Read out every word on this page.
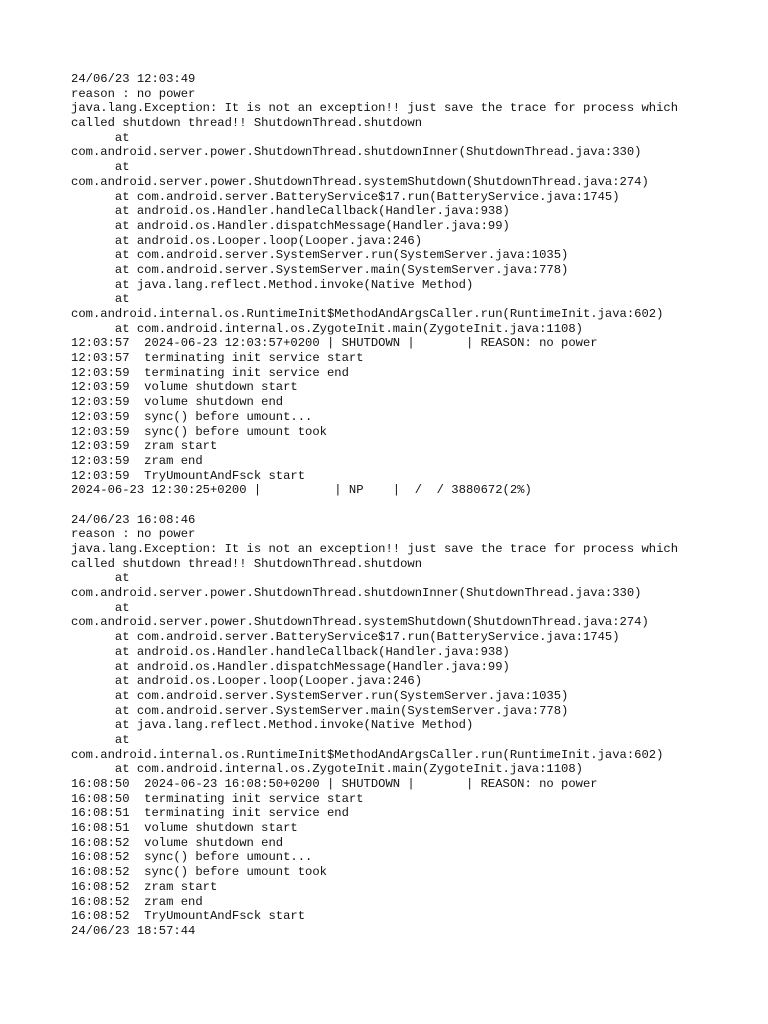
24/06/23 12:03:49
reason : no power
java.lang.Exception: It is not an exception!! just save the trace for process which
called shutdown thread!! ShutdownThread.shutdown
at
com.android.server.power.ShutdownThread.shutdownInner(ShutdownThread.java:330)
at
com.android.server.power.ShutdownThread.systemShutdown(ShutdownThread.java:274)
at com.android.server.BatteryService$17.run(BatteryService.java:1745)
at android.os.Handler.handleCallback(Handler.java:938)
at android.os.Handler.dispatchMessage(Handler.java:99)
at android.os.Looper.loop(Looper.java:246)
at com.android.server.SystemServer.run(SystemServer.java:1035)
at com.android.server.SystemServer.main(SystemServer.java:778)
at java.lang.reflect.Method.invoke(Native Method)
at
com.android.internal.os.RuntimeInit$MethodAndArgsCaller.run(RuntimeInit.java:602)
at com.android.internal.os.ZygoteInit.main(ZygoteInit.java:1108)
12:03:57  2024-06-23 12:03:57+0200 | SHUTDOWN |       | REASON: no power
12:03:57  terminating init service start
12:03:59  terminating init service end
12:03:59  volume shutdown start
12:03:59  volume shutdown end
12:03:59  sync() before umount...
12:03:59  sync() before umount took
12:03:59  zram start
12:03:59  zram end
12:03:59  TryUmountAndFsck start
2024-06-23 12:30:25+0200 |          | NP    |  /  / 3880672(2%)
24/06/23 16:08:46
reason : no power
java.lang.Exception: It is not an exception!! just save the trace for process which
called shutdown thread!! ShutdownThread.shutdown
at
com.android.server.power.ShutdownThread.shutdownInner(ShutdownThread.java:330)
at
com.android.server.power.ShutdownThread.systemShutdown(ShutdownThread.java:274)
at com.android.server.BatteryService$17.run(BatteryService.java:1745)
at android.os.Handler.handleCallback(Handler.java:938)
at android.os.Handler.dispatchMessage(Handler.java:99)
at android.os.Looper.loop(Looper.java:246)
at com.android.server.SystemServer.run(SystemServer.java:1035)
at com.android.server.SystemServer.main(SystemServer.java:778)
at java.lang.reflect.Method.invoke(Native Method)
at
com.android.internal.os.RuntimeInit$MethodAndArgsCaller.run(RuntimeInit.java:602)
at com.android.internal.os.ZygoteInit.main(ZygoteInit.java:1108)
16:08:50  2024-06-23 16:08:50+0200 | SHUTDOWN |       | REASON: no power
16:08:50  terminating init service start
16:08:51  terminating init service end
16:08:51  volume shutdown start
16:08:52  volume shutdown end
16:08:52  sync() before umount...
16:08:52  sync() before umount took
16:08:52  zram start
16:08:52  zram end
16:08:52  TryUmountAndFsck start
24/06/23 18:57:44
